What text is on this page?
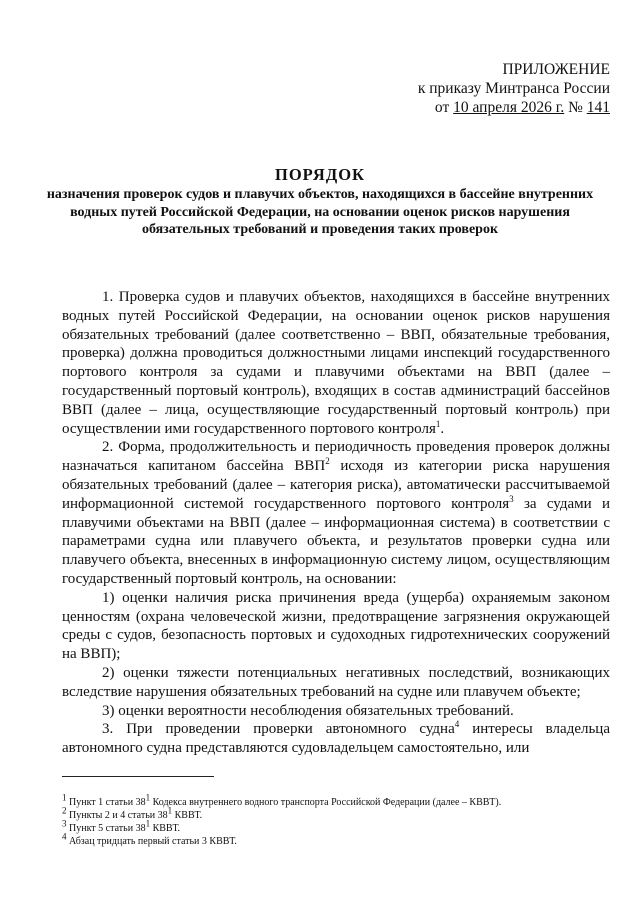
ПРИЛОЖЕНИЕ
к приказу Минтранса России
от 10 апреля 2026 г. № 141
ПОРЯДОК
назначения проверок судов и плавучих объектов, находящихся в бассейне внутренних водных путей Российской Федерации, на основании оценок рисков нарушения обязательных требований и проведения таких проверок

1. Проверка судов и плавучих объектов, находящихся в бассейне внутренних водных путей Российской Федерации, на основании оценок рисков нарушения обязательных требований (далее соответственно – ВВП, обязательные требования, проверка) должна проводиться должностными лицами инспекций государственного портового контроля за судами и плавучими объектами на ВВП (далее – государственный портовый контроль), входящих в состав администраций бассейнов ВВП (далее – лица, осуществляющие государственный портовый контроль) при осуществлении ими государственного портового контроля$^1$.

2. Форма, продолжительность и периодичность проведения проверок должны назначаться капитаном бассейна ВВП$^2$ исходя из категории риска нарушения обязательных требований (далее – категория риска), автоматически рассчитываемой информационной системой государственного портового контроля$^3$ за судами и плавучими объектами на ВВП (далее – информационная система) в соответствии с параметрами судна или плавучего объекта, и результатов проверки судна или плавучего объекта, внесенных в информационную систему лицом, осуществляющим государственный портовый контроль, на основании:

1) оценки наличия риска причинения вреда (ущерба) охраняемым законом ценностям (охрана человеческой жизни, предотвращение загрязнения окружающей среды с судов, безопасность портовых и судоходных гидротехнических сооружений на ВВП);

2) оценки тяжести потенциальных негативных последствий, возникающих вследствие нарушения обязательных требований на судне или плавучем объекте;

3) оценки вероятности несоблюдения обязательных требований.

3. При проведении проверки автономного судна$^4$ интересы владельца автономного судна представляются судовладельцем самостоятельно, или

$^1$ Пункт 1 статьи $38^1$ Кодекса внутреннего водного транспорта Российской Федерации (далее – КВВТ).
$^2$ Пункты 2 и 4 статьи $38^1$ КВВТ.
$^3$ Пункт 5 статьи $38^1$ КВВТ.
$^4$ Абзац тридцать первый статьи 3 КВВТ.
